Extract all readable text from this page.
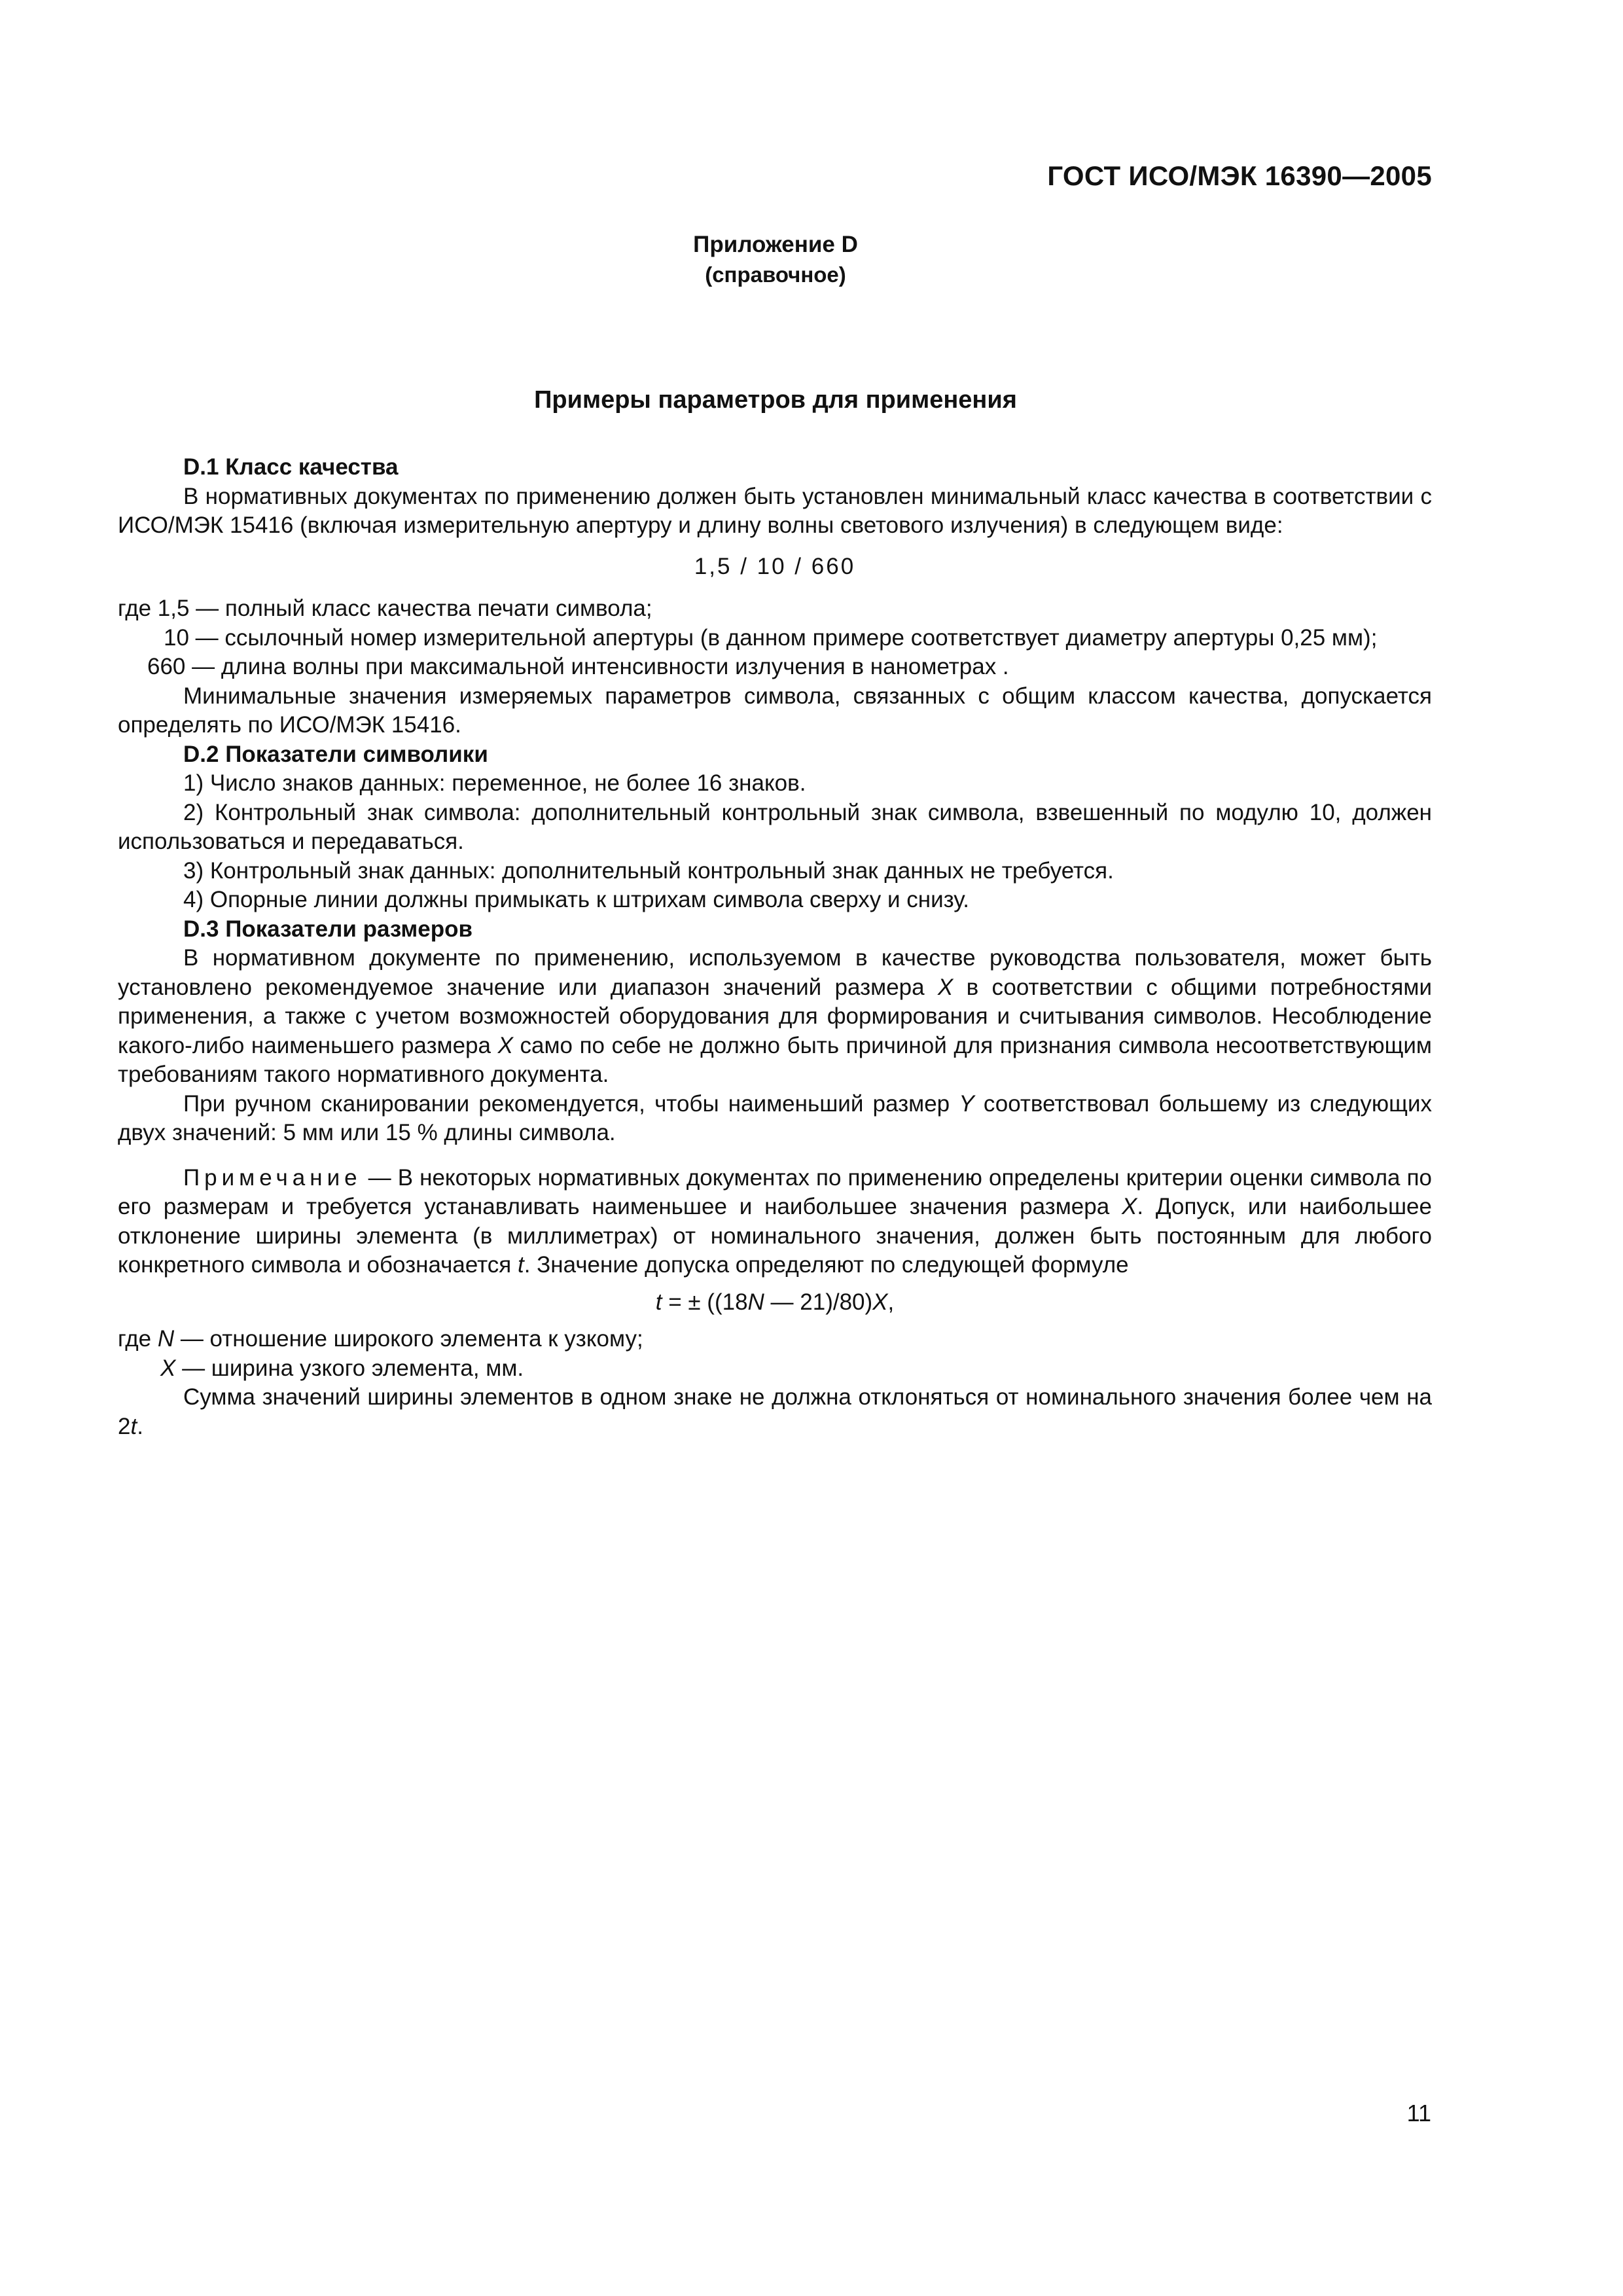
ГОСТ ИСО/МЭК 16390—2005
Приложение D
(справочное)
Примеры параметров для применения

D.1 Класс качества

В нормативных документах по применению должен быть установлен минимальный класс качества в соответствии с ИСО/МЭК 15416 (включая измерительную апертуру и длину волны светового излучения) в следующем виде:

1,5 / 10 / 660

где 1,5 — полный класс качества печати символа;

10 — ссылочный номер измерительной апертуры (в данном примере соответствует диаметру апертуры 0,25 мм);

660 — длина волны при максимальной интенсивности излучения в нанометрах .

Минимальные значения измеряемых параметров символа, связанных с общим классом качества, допускается определять по ИСО/МЭК 15416.

D.2 Показатели символики

1) Число знаков данных: переменное, не более 16 знаков.

2) Контрольный знак символа: дополнительный контрольный знак символа, взвешенный по модулю 10, должен использоваться и передаваться.

3) Контрольный знак данных: дополнительный контрольный знак данных не требуется.

4) Опорные линии должны примыкать к штрихам символа сверху и снизу.

D.3 Показатели размеров

В нормативном документе по применению, используемом в качестве руководства пользователя, может быть установлено рекомендуемое значение или диапазон значений размера X в соответствии с общими потребностями применения, а также с учетом возможностей оборудования для формирования и считывания символов. Несоблюдение какого-либо наименьшего размера X само по себе не должно быть причиной для признания символа несоответствующим требованиям такого нормативного документа.

При ручном сканировании рекомендуется, чтобы наименьший размер Y соответствовал большему из следующих двух значений: 5 мм или 15 % длины символа.

Примечание — В некоторых нормативных документах по применению определены критерии оценки символа по его размерам и требуется устанавливать наименьшее и наибольшее значения размера X. Допуск, или наибольшее отклонение ширины элемента (в миллиметрах) от номинального значения, должен быть постоянным для любого конкретного символа и обозначается t. Значение допуска определяют по следующей формуле

t = ± ((18N — 21)/80)X,

где N — отношение широкого элемента к узкому;

X — ширина узкого элемента, мм.

Сумма значений ширины элементов в одном знаке не должна отклоняться от номинального значения более чем на 2t.

11
